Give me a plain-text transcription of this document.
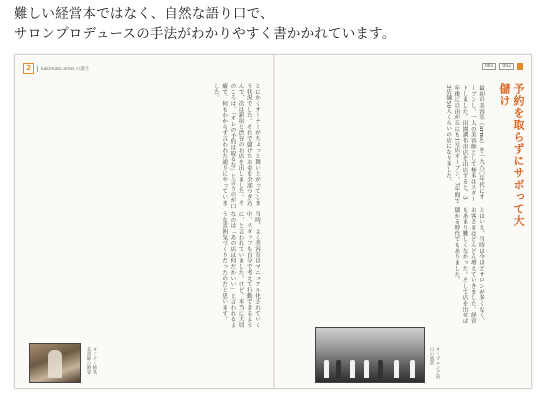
難しい経営本ではなく、自然な語り口で、
サロンプロデュースの手法がわかりやすく書かかれています。
2	kakimoto arms の誕生	001	002
とにかくオーナーがちょっと舞い上がってしまう状況でした。それで儲けたお金を全部つぎ込んで、次は新宿と渋谷のお店を出しました。そのころは、「オレの予約は取るな」と言うのが口癖で、何もわからず言われた通りにやっていました。
当時、よく美容室はマニュアル化されていく中、スタッフも自分で考えて行動できるように、と言われていました。けど、本当に大切なのは「あの店は何だかいい」と言われるような雰囲気づくりだったのだと思います。
最初の美容室（arms）を一九八〇年代にオープンし、一人の美容師として柿本はスタートしました。田園調布市店を出店すると、3年後に自由が丘にも1号店オープン。7年間で3店舗50人くらいの店になりました。
とはいえ、当時は今ほどサロンが多くなく、お客さまはどんどん増えていきました。経営もあまり難しくなかった。そして店を出せば儲かる時代でもありました。
予約を取らずにサボって大儲け
オーナー柿本、美容師の晴姿	オープニング前日の風景
